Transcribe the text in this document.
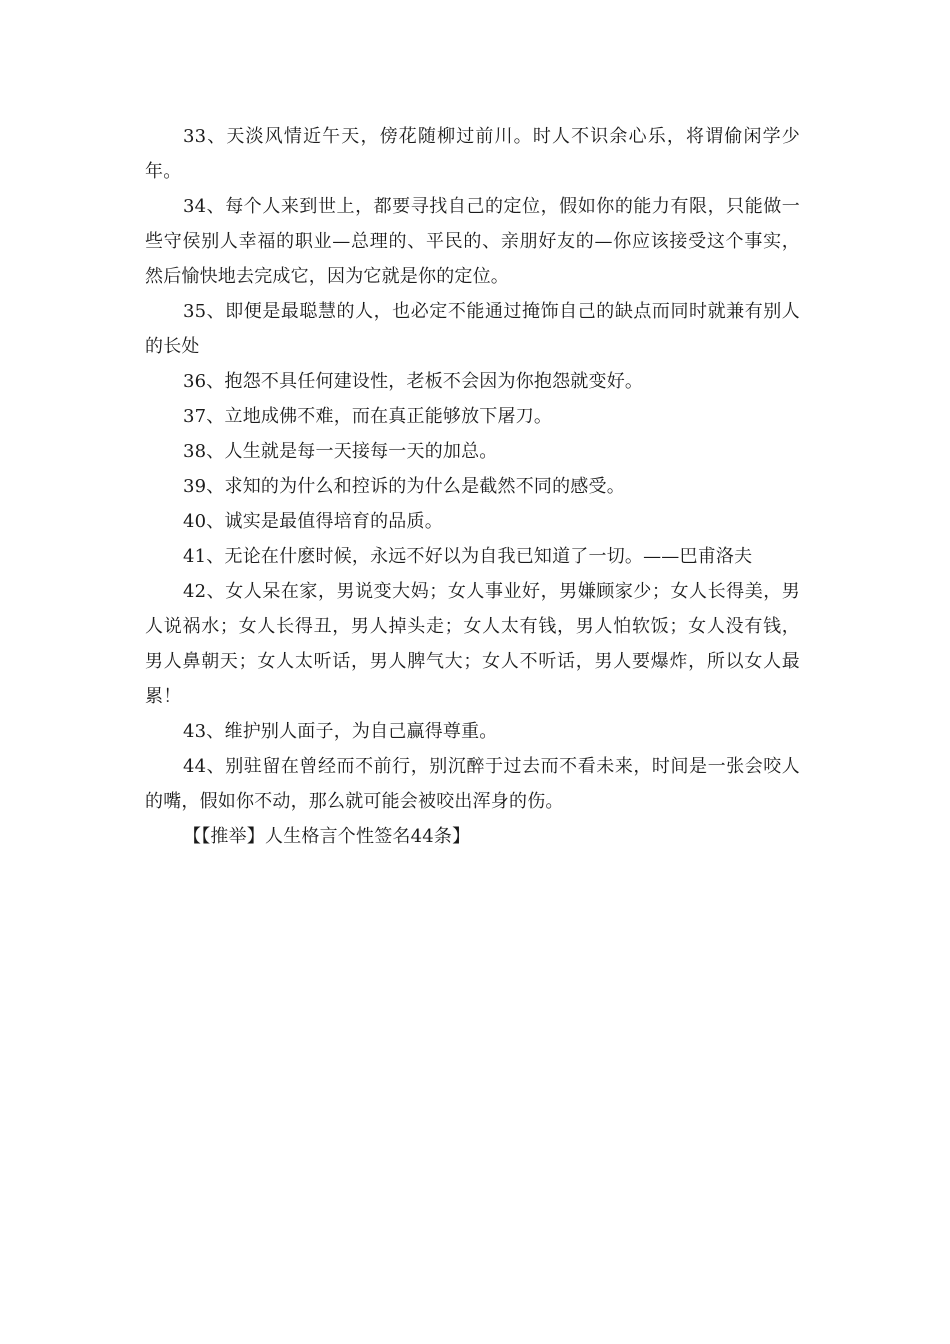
33、天淡风情近午天，傍花随柳过前川。时人不识余心乐，将谓偷闲学少年。

34、每个人来到世上，都要寻找自己的定位，假如你的能力有限，只能做一些守侯别人幸福的职业—总理的、平民的、亲朋好友的—你应该接受这个事实，然后愉快地去完成它，因为它就是你的定位。

35、即便是最聪慧的人，也必定不能通过掩饰自己的缺点而同时就兼有别人的长处

36、抱怨不具任何建设性，老板不会因为你抱怨就变好。

37、立地成佛不难，而在真正能够放下屠刀。

38、人生就是每一天接每一天的加总。

39、求知的为什么和控诉的为什么是截然不同的感受。

40、诚实是最值得培育的品质。

41、无论在什麽时候，永远不好以为自我已知道了一切。——巴甫洛夫

42、女人呆在家，男说变大妈；女人事业好，男嫌顾家少；女人长得美，男人说祸水；女人长得丑，男人掉头走；女人太有钱，男人怕软饭；女人没有钱，男人鼻朝天；女人太听话，男人脾气大；女人不听话，男人要爆炸，所以女人最累！

43、维护别人面子，为自己赢得尊重。

44、别驻留在曾经而不前行，别沉醉于过去而不看未来，时间是一张会咬人的嘴，假如你不动，那么就可能会被咬出浑身的伤。

【【推举】人生格言个性签名44条】
